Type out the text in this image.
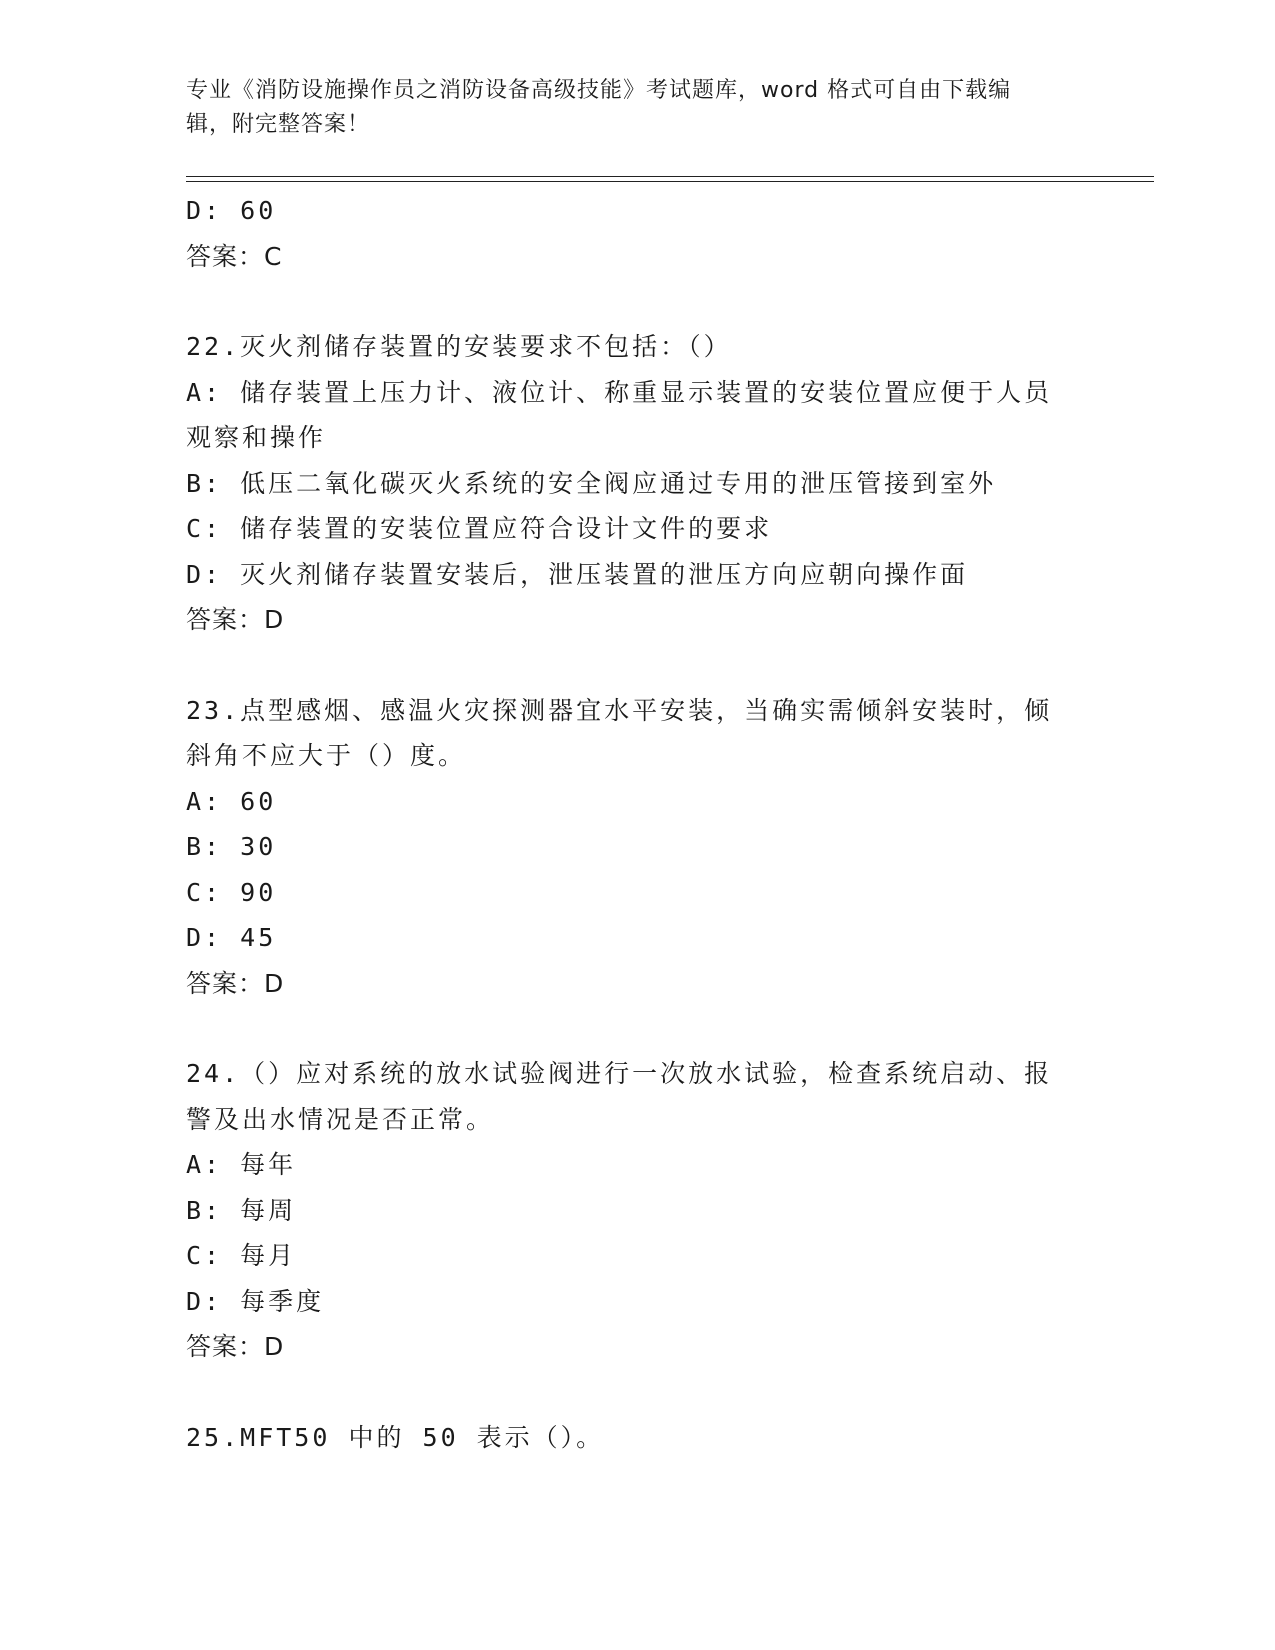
专业《消防设施操作员之消防设备高级技能》考试题库，word 格式可自由下载编
辑，附完整答案！
D: 60
答案：C
22.灭火剂储存装置的安装要求不包括：（）
A: 储存装置上压力计、液位计、称重显示装置的安装位置应便于人员
观察和操作
B: 低压二氧化碳灭火系统的安全阀应通过专用的泄压管接到室外
C: 储存装置的安装位置应符合设计文件的要求
D: 灭火剂储存装置安装后，泄压装置的泄压方向应朝向操作面
答案：D
23.点型感烟、感温火灾探测器宜水平安装，当确实需倾斜安装时，倾
斜角不应大于（）度。
A: 60
B: 30
C: 90
D: 45
答案：D
24.（）应对系统的放水试验阀进行一次放水试验，检查系统启动、报
警及出水情况是否正常。
A: 每年
B: 每周
C: 每月
D: 每季度
答案：D
25.MFT50 中的 50 表示（）。
